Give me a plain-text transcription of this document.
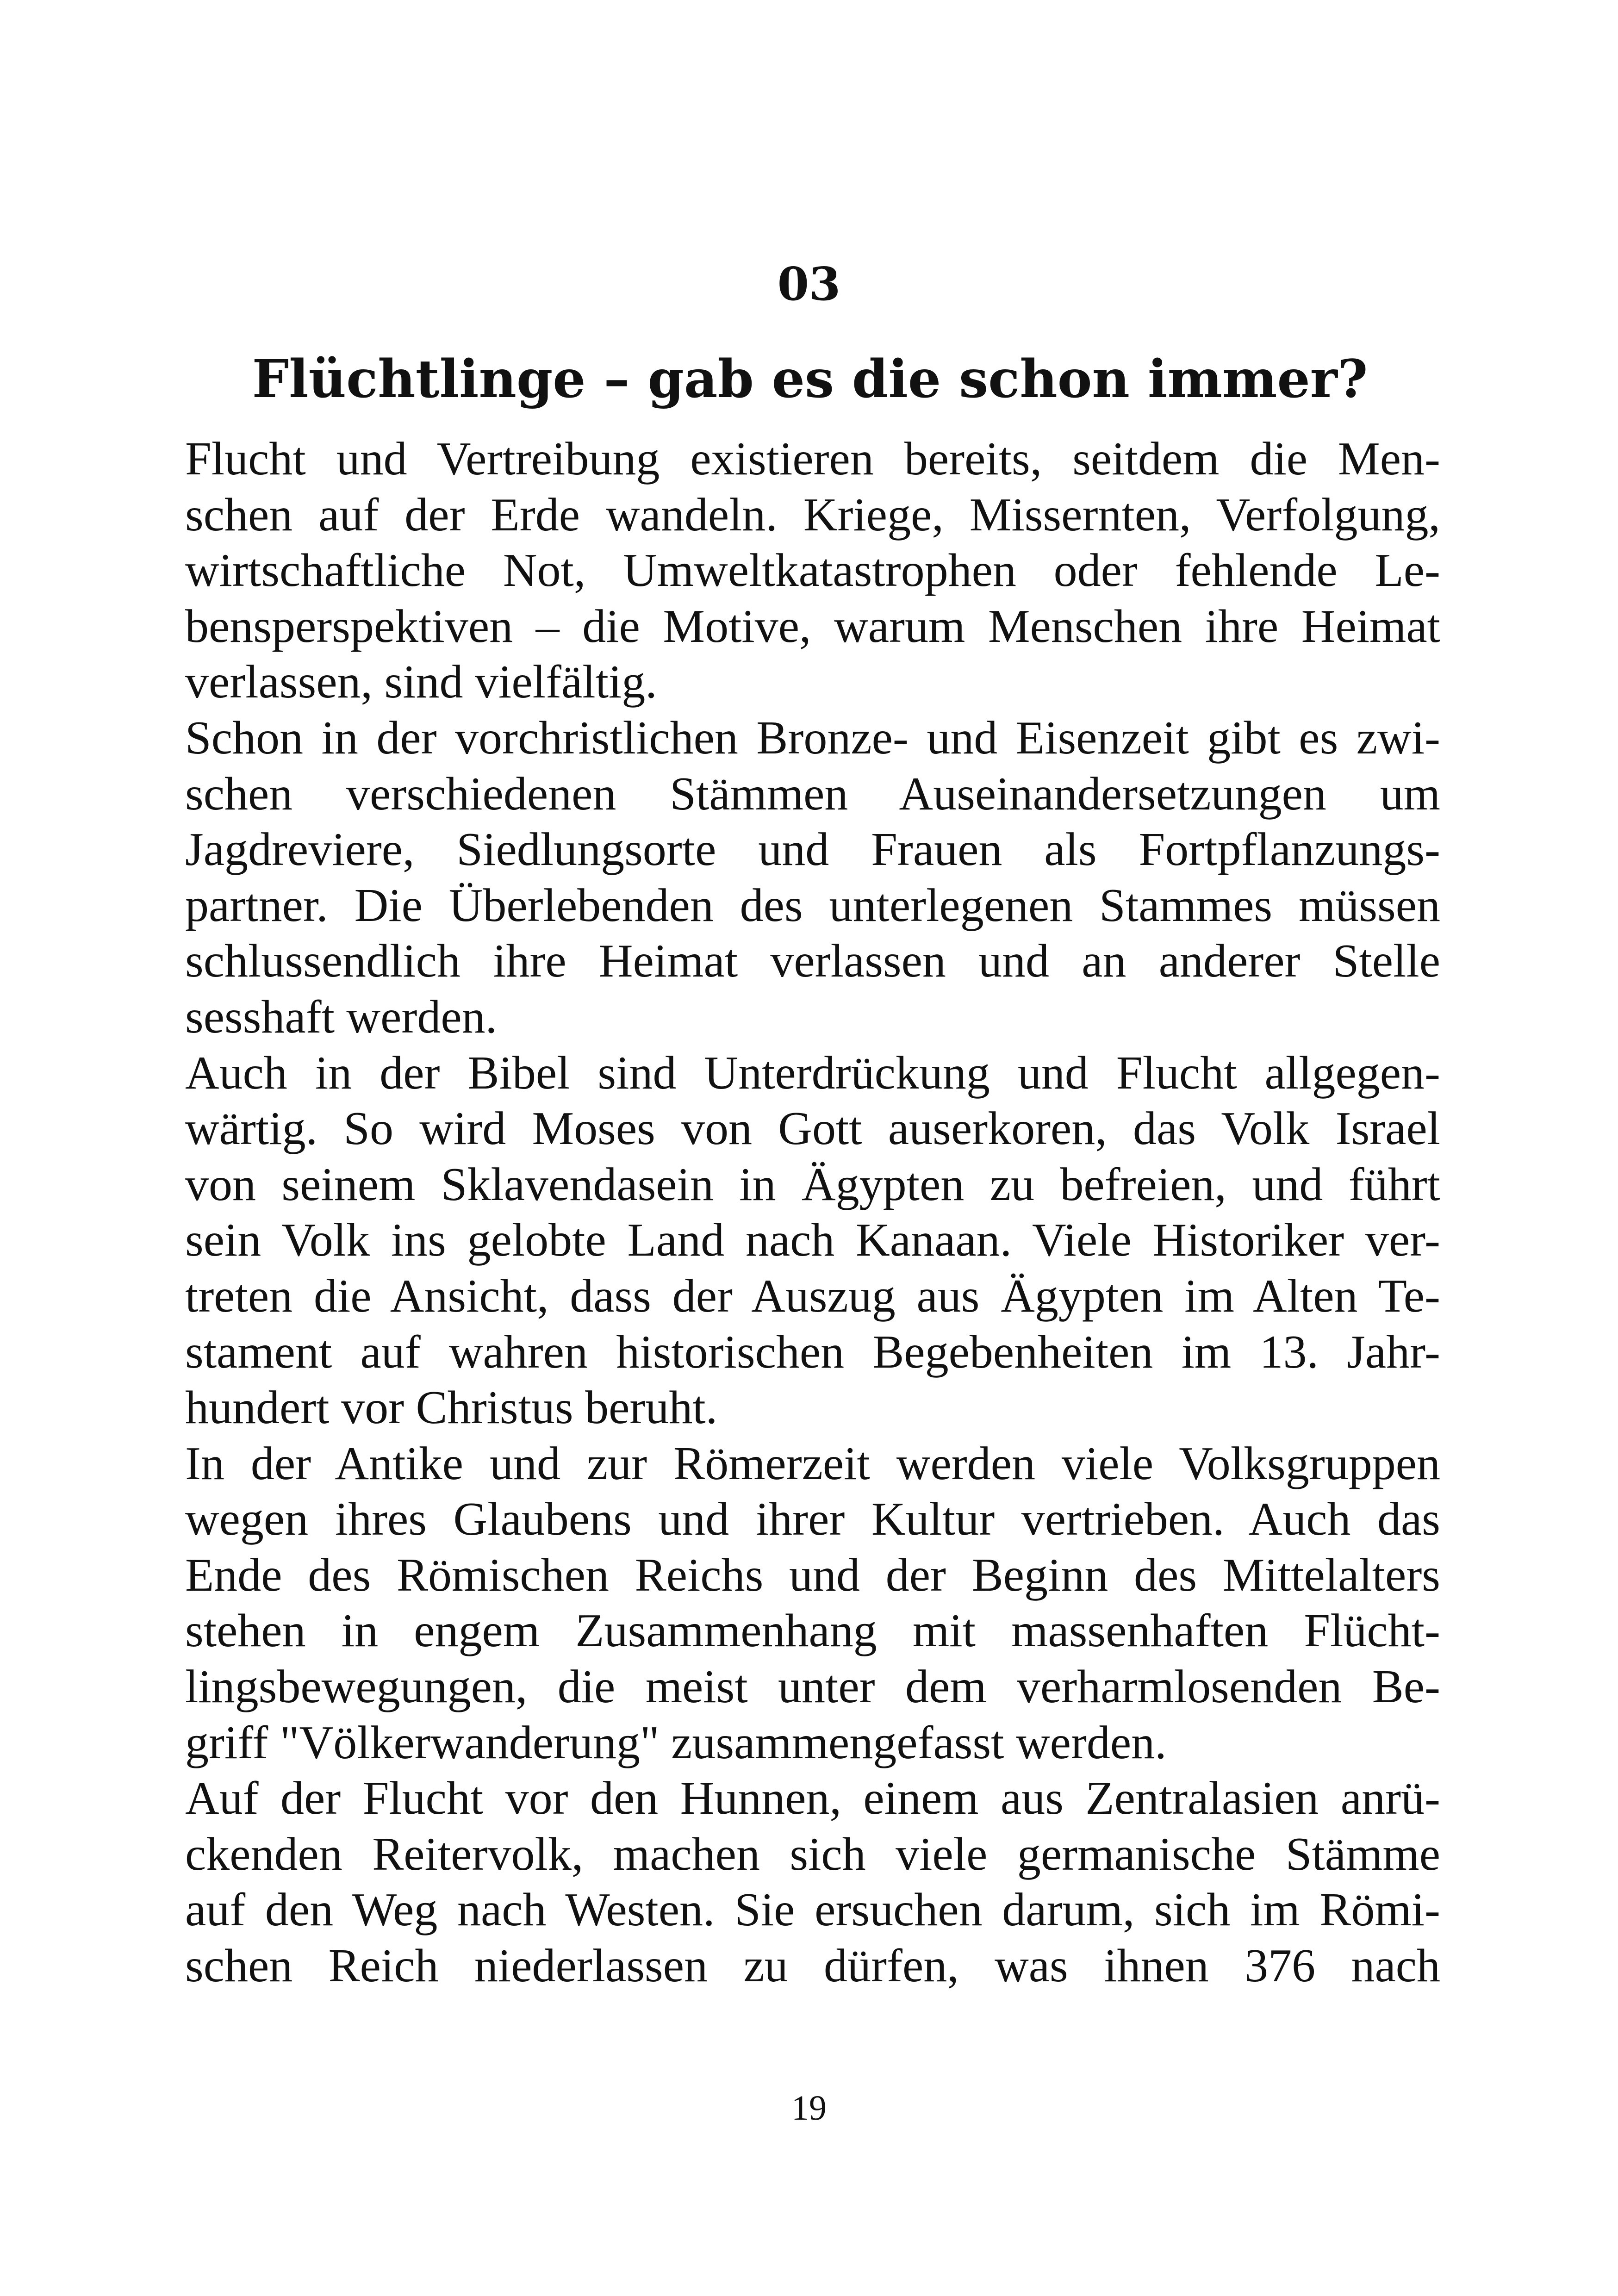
03
Flüchtlinge – gab es die schon immer?
Flucht und Vertreibung existieren bereits, seitdem die Men-
schen auf der Erde wandeln. Kriege, Missernten, Verfolgung,
wirtschaftliche Not, Umweltkatastrophen oder fehlende Le-
bensperspektiven – die Motive, warum Menschen ihre Heimat
verlassen, sind vielfältig.
Schon in der vorchristlichen Bronze- und Eisenzeit gibt es zwi-
schen verschiedenen Stämmen Auseinandersetzungen um
Jagdreviere, Siedlungsorte und Frauen als Fortpflanzungs-
partner. Die Überlebenden des unterlegenen Stammes müssen
schlussendlich ihre Heimat verlassen und an anderer Stelle
sesshaft werden.
Auch in der Bibel sind Unterdrückung und Flucht allgegen-
wärtig. So wird Moses von Gott auserkoren, das Volk Israel
von seinem Sklavendasein in Ägypten zu befreien, und führt
sein Volk ins gelobte Land nach Kanaan. Viele Historiker ver-
treten die Ansicht, dass der Auszug aus Ägypten im Alten Te-
stament auf wahren historischen Begebenheiten im 13. Jahr-
hundert vor Christus beruht.
In der Antike und zur Römerzeit werden viele Volksgruppen
wegen ihres Glaubens und ihrer Kultur vertrieben. Auch das
Ende des Römischen Reichs und der Beginn des Mittelalters
stehen in engem Zusammenhang mit massenhaften Flücht-
lingsbewegungen, die meist unter dem verharmlosenden Be-
griff "Völkerwanderung" zusammengefasst werden.
Auf der Flucht vor den Hunnen, einem aus Zentralasien anrü-
ckenden Reitervolk, machen sich viele germanische Stämme
auf den Weg nach Westen. Sie ersuchen darum, sich im Römi-
schen Reich niederlassen zu dürfen, was ihnen 376 nach
19
